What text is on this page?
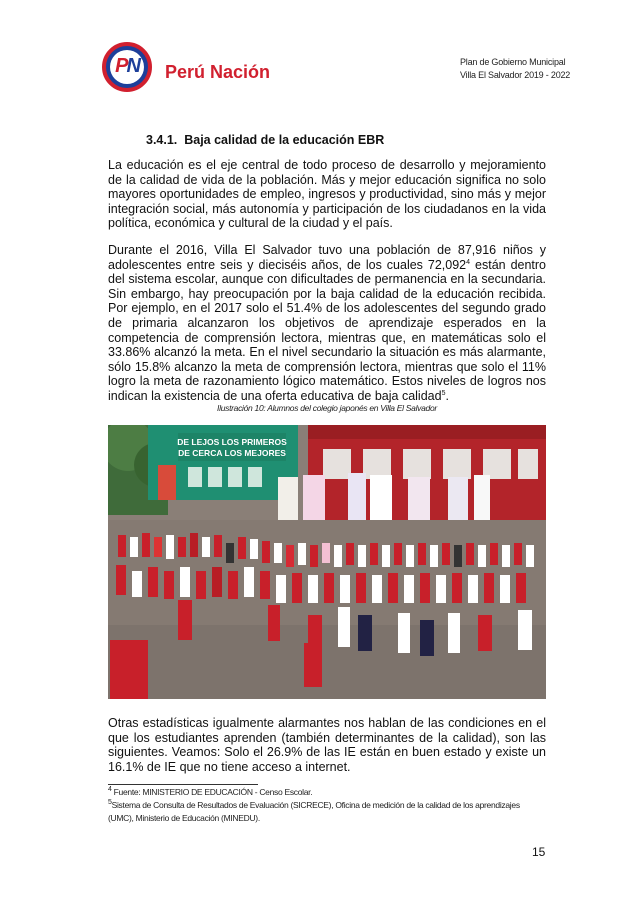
PN	Perú Nación	Plan de Gobierno Municipal
Villa El Salvador 2019 - 2022
3.4.1.  Baja calidad de la educación EBR

La educación es el eje central de todo proceso de desarrollo y mejoramiento de la calidad de vida de la población. Más y mejor educación significa no solo mayores oportunidades de empleo, ingresos y productividad, sino más y mejor integración social, más autonomía y participación de los ciudadanos en la vida política, económica y cultural de la ciudad y el país.

Durante el 2016, Villa El Salvador tuvo una población de 87,916 niños y adolescentes entre seis y dieciséis años, de los cuales 72,092$^4$ están dentro del sistema escolar, aunque con dificultades de permanencia en la secundaria. Sin embargo, hay preocupación por la baja calidad de la educación recibida. Por ejemplo, en el 2017 solo el 51.4% de los adolescentes del segundo grado de primaria alcanzaron los objetivos de aprendizaje esperados en la competencia de comprensión lectora, mientras que, en matemáticas solo el 33.86% alcanzó la meta. En el nivel secundario la situación es más alarmante, sólo 15.8% alcanzo la meta de comprensión lectora, mientras que solo el 11% logro la meta de razonamiento lógico matemático. Estos niveles de logros nos indican la existencia de una oferta educativa de baja calidad$^5$.

Ilustración 10: Alumnos del colegio japonés en Villa El Salvador
DE LEJOS LOS PRIMEROS
DE CERCA LOS MEJORES

Otras estadísticas igualmente alarmantes nos hablan de las condiciones en el que los estudiantes aprenden (también determinantes de la calidad), son las siguientes. Veamos: Solo el 26.9% de las IE están en buen estado y existe un 16.1% de IE que no tiene acceso a internet.

$^4$ Fuente: MINISTERIO DE EDUCACIÓN - Censo Escolar.
$^5$Sistema de Consulta de Resultados de Evaluación (SICRECE), Oficina de medición de la calidad de los aprendizajes
(UMC), Ministerio de Educación (MINEDU).
15
